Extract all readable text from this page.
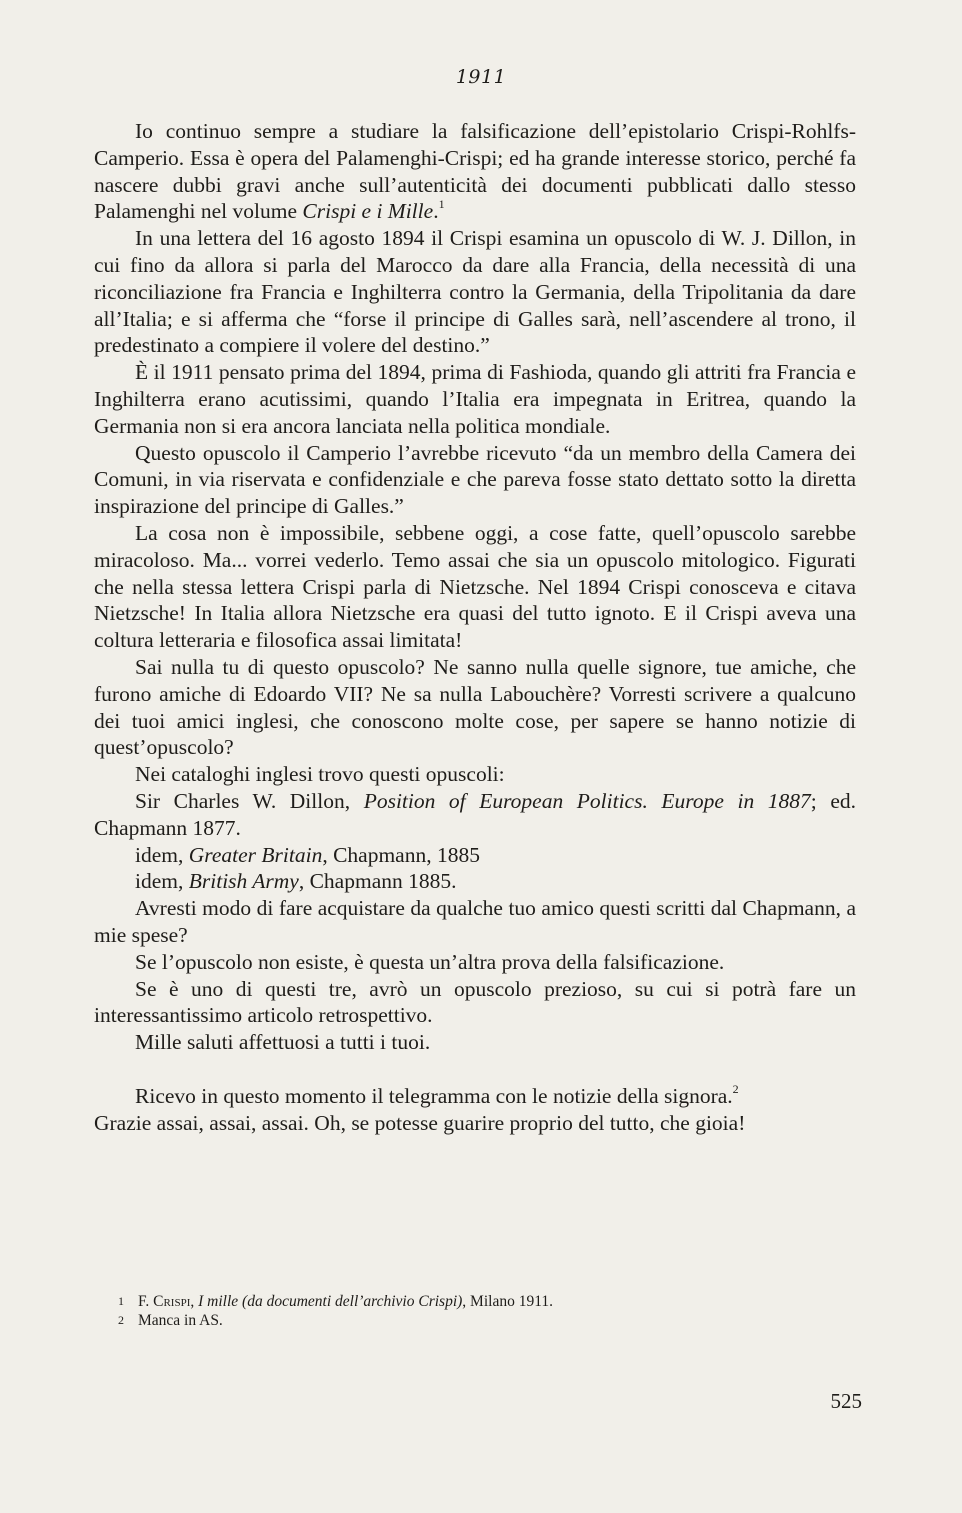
1911

Io continuo sempre a studiare la falsificazione dell’epistolario Crispi-Rohlfs-Camperio. Essa è opera del Palamenghi-Crispi; ed ha grande interesse storico, perché fa nascere dubbi gravi anche sull’autenticità dei documenti pubblicati dallo stesso Palamenghi nel volume Crispi e i Mille.$^1$

In una lettera del 16 agosto 1894 il Crispi esamina un opuscolo di W. J. Dillon, in cui fino da allora si parla del Marocco da dare alla Francia, della necessità di una riconciliazione fra Francia e Inghilterra contro la Germania, della Tripolitania da dare all’Italia; e si afferma che “forse il principe di Galles sarà, nell’ascendere al trono, il predestinato a compiere il volere del destino.”

È il 1911 pensato prima del 1894, prima di Fashioda, quando gli attriti fra Francia e Inghilterra erano acutissimi, quando l’Italia era impegnata in Eritrea, quando la Germania non si era ancora lanciata nella politica mondiale.

Questo opuscolo il Camperio l’avrebbe ricevuto “da un membro della Camera dei Comuni, in via riservata e confidenziale e che pareva fosse stato dettato sotto la diretta inspirazione del principe di Galles.”

La cosa non è impossibile, sebbene oggi, a cose fatte, quell’opuscolo sarebbe miracoloso. Ma... vorrei vederlo. Temo assai che sia un opuscolo mitologico. Figurati che nella stessa lettera Crispi parla di Nietzsche. Nel 1894 Crispi conosceva e citava Nietzsche! In Italia allora Nietzsche era quasi del tutto ignoto. E il Crispi aveva una coltura letteraria e filosofica assai limitata!

Sai nulla tu di questo opuscolo? Ne sanno nulla quelle signore, tue amiche, che furono amiche di Edoardo VII? Ne sa nulla Labouchère? Vorresti scrivere a qualcuno dei tuoi amici inglesi, che conoscono molte cose, per sapere se hanno notizie di quest’opuscolo?

Nei cataloghi inglesi trovo questi opuscoli:

Sir Charles W. Dillon, Position of European Politics. Europe in 1887; ed. Chapmann 1877.

idem, Greater Britain, Chapmann, 1885

idem, British Army, Chapmann 1885.

Avresti modo di fare acquistare da qualche tuo amico questi scritti dal Chapmann, a mie spese?

Se l’opuscolo non esiste, è questa un’altra prova della falsificazione.

Se è uno di questi tre, avrò un opuscolo prezioso, su cui si potrà fare un interessantissimo articolo retrospettivo.

Mille saluti affettuosi a tutti i tuoi.

Ricevo in questo momento il telegramma con le notizie della signora.$^2$

Grazie assai, assai, assai. Oh, se potesse guarire proprio del tutto, che gioia!

1 F. Crispi, I mille (da documenti dell’archivio Crispi), Milano 1911.
2 Manca in AS.
525
